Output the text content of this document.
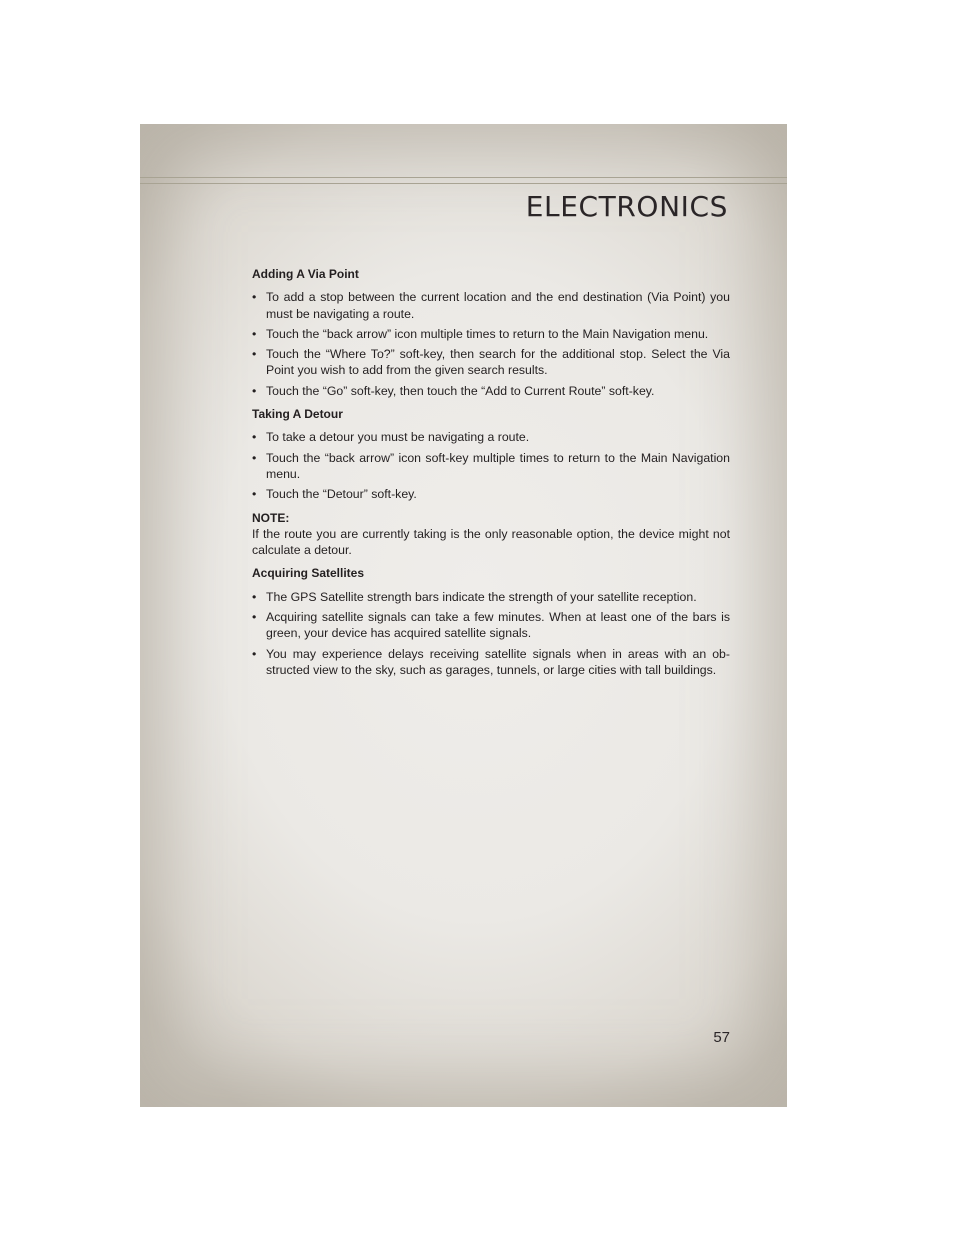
ELECTRONICS
Adding A Via Point
• To add a stop between the current location and the end destination (Via Point) you must be navigating a route.
• Touch the “back arrow” icon multiple times to return to the Main Navigation menu.
• Touch the “Where To?” soft-key, then search for the additional stop. Select the Via Point you wish to add from the given search results.
• Touch the “Go” soft-key, then touch the “Add to Current Route” soft-key.
Taking A Detour
• To take a detour you must be navigating a route.
• Touch the “back arrow” icon soft-key multiple times to return to the Main Navigation menu.
• Touch the “Detour” soft-key.
NOTE:
If the route you are currently taking is the only reasonable option, the device might not calculate a detour.
Acquiring Satellites
• The GPS Satellite strength bars indicate the strength of your satellite reception.
• Acquiring satellite signals can take a few minutes. When at least one of the bars is green, your device has acquired satellite signals.
• You may experience delays receiving satellite signals when in areas with an ob-structed view to the sky, such as garages, tunnels, or large cities with tall buildings.
57
